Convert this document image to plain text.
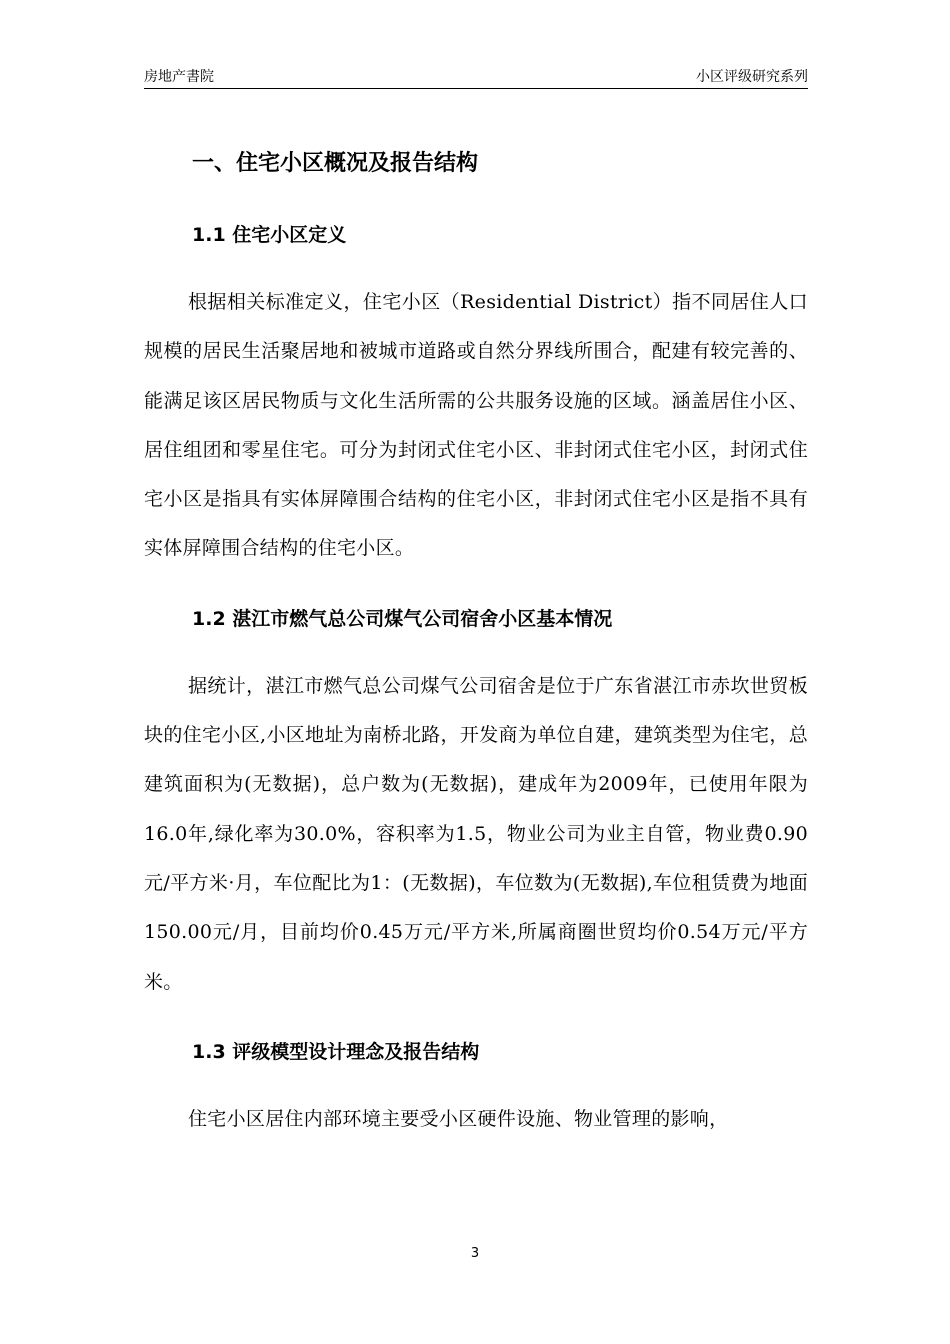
房地产書院	小区评级研究系列
一、住宅小区概况及报告结构
1.1 住宅小区定义

根据相关标准定义，住宅小区（Residential District）指不同居住人口规模的居民生活聚居地和被城市道路或自然分界线所围合，配建有较完善的、能满足该区居民物质与文化生活所需的公共服务设施的区域。涵盖居住小区、居住组团和零星住宅。可分为封闭式住宅小区、非封闭式住宅小区，封闭式住宅小区是指具有实体屏障围合结构的住宅小区，非封闭式住宅小区是指不具有实体屏障围合结构的住宅小区。

1.2 湛江市燃气总公司煤气公司宿舍小区基本情况

据统计，湛江市燃气总公司煤气公司宿舍是位于广东省湛江市赤坎世贸板块的住宅小区,小区地址为南桥北路，开发商为单位自建，建筑类型为住宅，总建筑面积为(无数据)，总户数为(无数据)，建成年为2009年，已使用年限为16.0年,绿化率为30.0%，容积率为1.5，物业公司为业主自管，物业费0.90元/平方米·月，车位配比为1：(无数据)，车位数为(无数据),车位租赁费为地面150.00元/月，目前均价0.45万元/平方米,所属商圈世贸均价0.54万元/平方米。

1.3 评级模型设计理念及报告结构

住宅小区居住内部环境主要受小区硬件设施、物业管理的影响，

3
